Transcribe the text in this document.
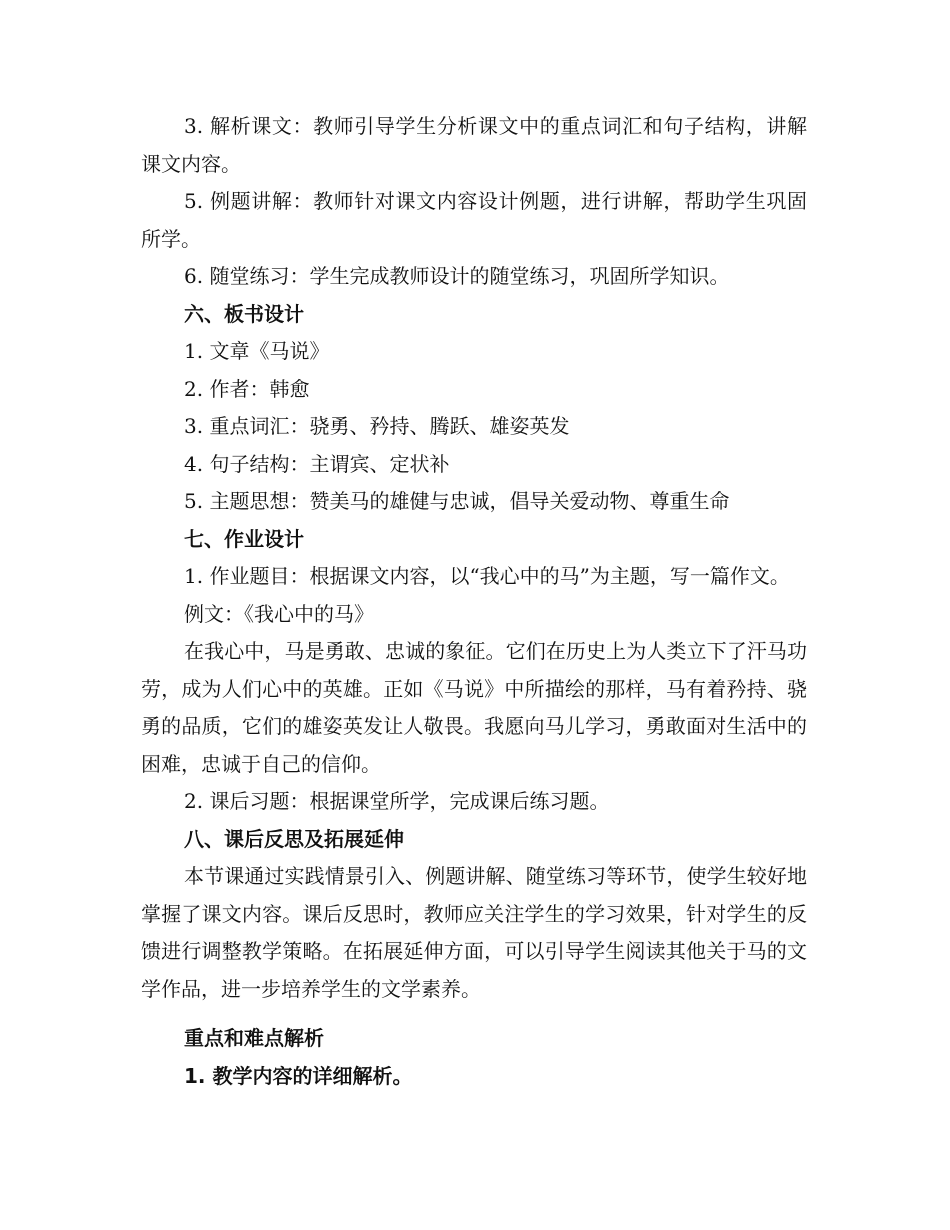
3. 解析课文：教师引导学生分析课文中的重点词汇和句子结构，讲解课文内容。

5. 例题讲解：教师针对课文内容设计例题，进行讲解，帮助学生巩固所学。

6. 随堂练习：学生完成教师设计的随堂练习，巩固所学知识。

六、板书设计

1. 文章《马说》

2. 作者：韩愈

3. 重点词汇：骁勇、矜持、腾跃、雄姿英发

4. 句子结构：主谓宾、定状补

5. 主题思想：赞美马的雄健与忠诚，倡导关爱动物、尊重生命

七、作业设计

1. 作业题目：根据课文内容，以“我心中的马”为主题，写一篇作文。

例文：《我心中的马》

在我心中，马是勇敢、忠诚的象征。它们在历史上为人类立下了汗马功劳，成为人们心中的英雄。正如《马说》中所描绘的那样，马有着矜持、骁勇的品质，它们的雄姿英发让人敬畏。我愿向马儿学习，勇敢面对生活中的困难，忠诚于自己的信仰。

2. 课后习题：根据课堂所学，完成课后练习题。

八、课后反思及拓展延伸

本节课通过实践情景引入、例题讲解、随堂练习等环节，使学生较好地掌握了课文内容。课后反思时，教师应关注学生的学习效果，针对学生的反馈进行调整教学策略。在拓展延伸方面，可以引导学生阅读其他关于马的文学作品，进一步培养学生的文学素养。

重点和难点解析

1. 教学内容的详细解析。
